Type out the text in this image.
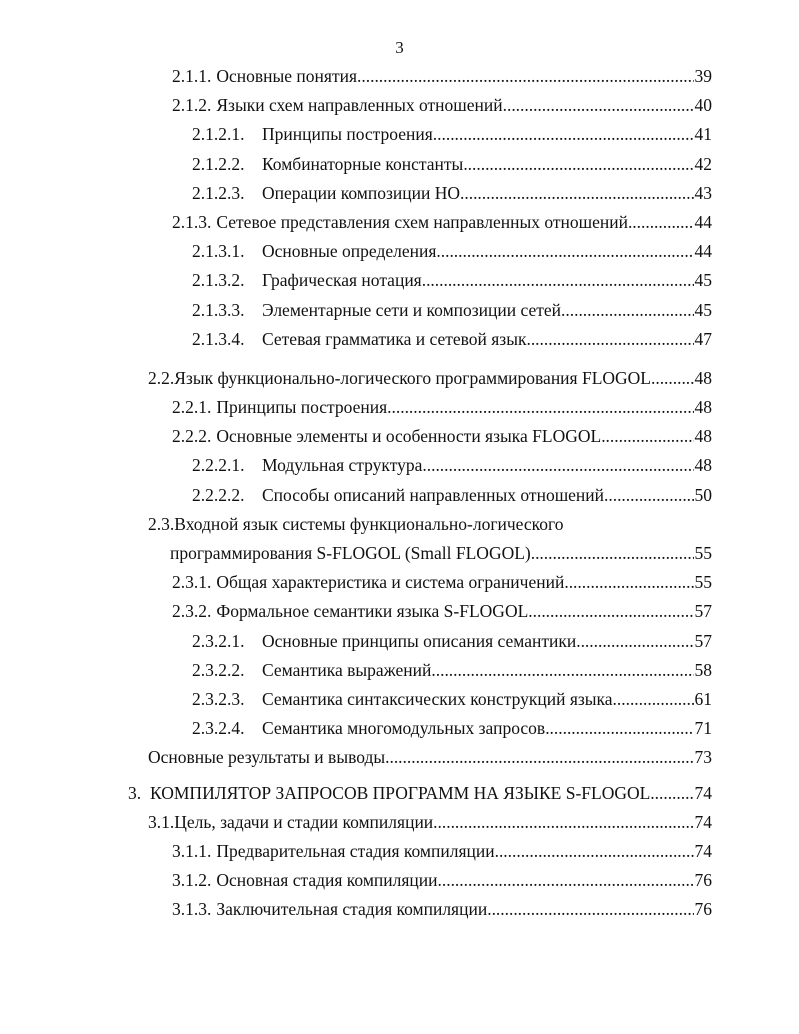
3
2.1.1. Основные понятия. . . .	39
2.1.2. Языки схем направленных отношений. . . .	40
2.1.2.1.	Принципы построения . . .	41
2.1.2.2.	Комбинаторные константы . . .	42
2.1.2.3.	Операции композиции НО . . .	43
2.1.3. Сетевое представления схем направленных отношений . . .	44
2.1.3.1.	Основные определения . . .	44
2.1.3.2.	Графическая нотация . . .	45
2.1.3.3.	Элементарные сети и композиции сетей . . .	45
2.1.3.4.	Сетевая грамматика и сетевой язык . . .	47
2.2. Язык функционально-логического программирования FLOGOL . . . 48
2.2.1. Принципы построения . . .	48
2.2.2. Основные элементы и особенности языка FLOGOL . . .	48
2.2.2.1.	Модульная структура . . .	48
2.2.2.2.	Способы описаний направленных отношений . . .	50
2.3. Входной язык системы функционально-логического
программирования S-FLOGOL (Small FLOGOL) . . .	55
2.3.1. Общая характеристика и система ограничений . . .	55
2.3.2. Формальное семантики языка S-FLOGOL . . .	57
2.3.2.1.	Основные принципы описания семантики . . .	57
2.3.2.2.	Семантика выражений . . .	58
2.3.2.3.	Семантика синтаксических конструкций языка . . .	61
2.3.2.4.	Семантика многомодульных запросов . . .	71
Основные результаты и выводы . . .	73
3. КОМПИЛЯТОР ЗАПРОСОВ ПРОГРАММ НА ЯЗЫКЕ S-FLOGOL . . .	74
3.1. Цель, задачи и стадии компиляции . . .	74
3.1.1. Предварительная стадия компиляции . . .	74
3.1.2. Основная стадия компиляции . . .	76
3.1.3. Заключительная стадия компиляции . . .	76
